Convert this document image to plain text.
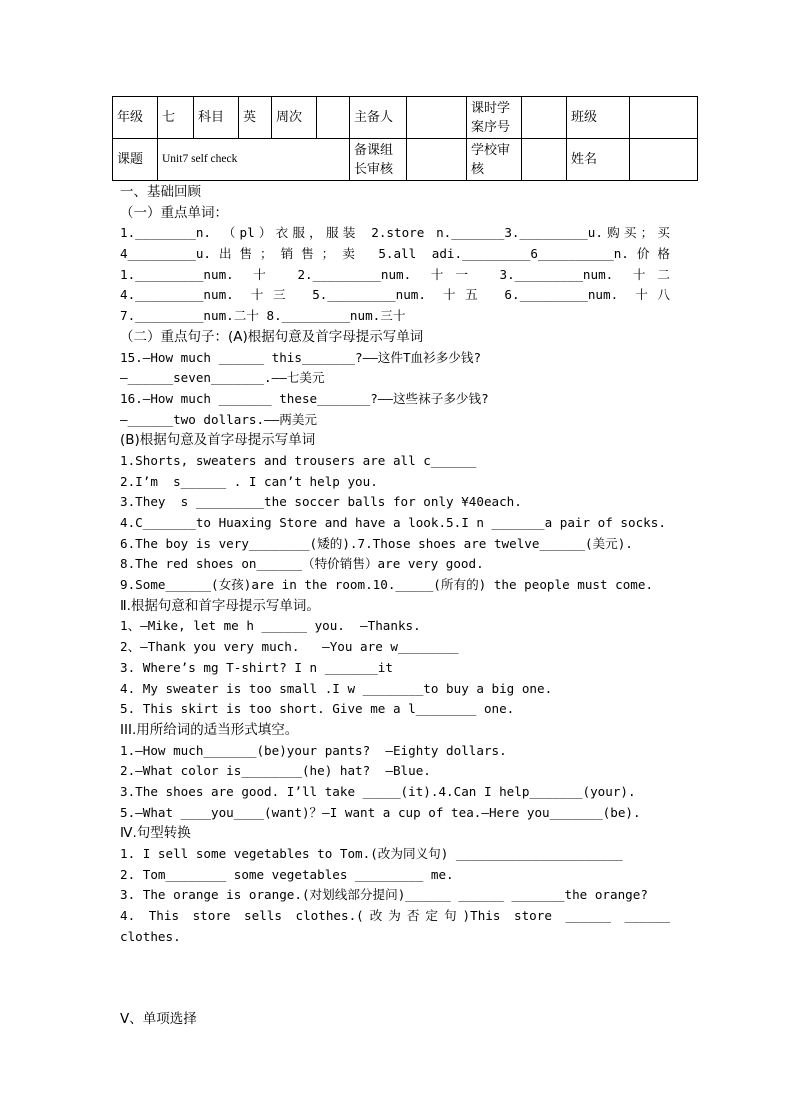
年级	七	科目	英	周次		主备人		课时学案序号		班级	
课题	Unit7 self check					备课组长审核		学校审核		姓名	
一、基础回顾
（一）重点单词：
1.________n. （pl）衣服，服装 2.store n._______3._________u.购买；买
4_________u.出售；销售；卖 5.all adi._________6__________n.价格
1._________num. 十 2._________num. 十一 3._________num. 十二
4._________num. 十三 5._________num. 十五 6._________num. 十八
7._________num.二十 8._________num.三十
（二）重点句子：(A)根据句意及首字母提示写单词
15.—How much ______ this_______?——这件T血衫多少钱?
—______seven_______.——七美元
16.—How much _______ these_______?——这些袜子多少钱?
—______two dollars.——两美元
(B)根据句意及首字母提示写单词
1.Shorts, sweaters and trousers are all c______
2.I’m  s______ . I can’t help you.
3.They  s _________the soccer balls for only ¥40each.
4.C_______to Huaxing Store and have a look.5.I n _______a pair of socks.
6.The boy is very________(矮的).7.Those shoes are twelve______(美元).
8.The red shoes on______（特价销售）are very good.
9.Some______(女孩)are in the room.10._____(所有的) the people must come.
Ⅱ.根据句意和首字母提示写单词。
1、—Mike, let me h ______ you.  —Thanks.
2、—Thank you very much.   —You are w________
3. Where’s mg T-shirt? I n _______it
4. My sweater is too small .I w ________to buy a big one.
5. This skirt is too short. Give me a l________ one.
III.用所给词的适当形式填空。
1.—How much_______(be)your pants?  —Eighty dollars.
2.—What color is________(he) hat?  —Blue.
3.The shoes are good. I’ll take _____(it).4.Can I help_______(your).
5.—What ____you____(want)？—I want a cup of tea.—Here you_______(be).
Ⅳ.句型转换
1. I sell some vegetables to Tom.(改为同义句) ______________________
2. Tom________ some vegetables _________ me.
3. The orange is orange.(对划线部分提问)______ ______ _______the orange?
4. This store sells clothes.(改为否定句)This store ______ ______
clothes.
Ⅴ、单项选择
